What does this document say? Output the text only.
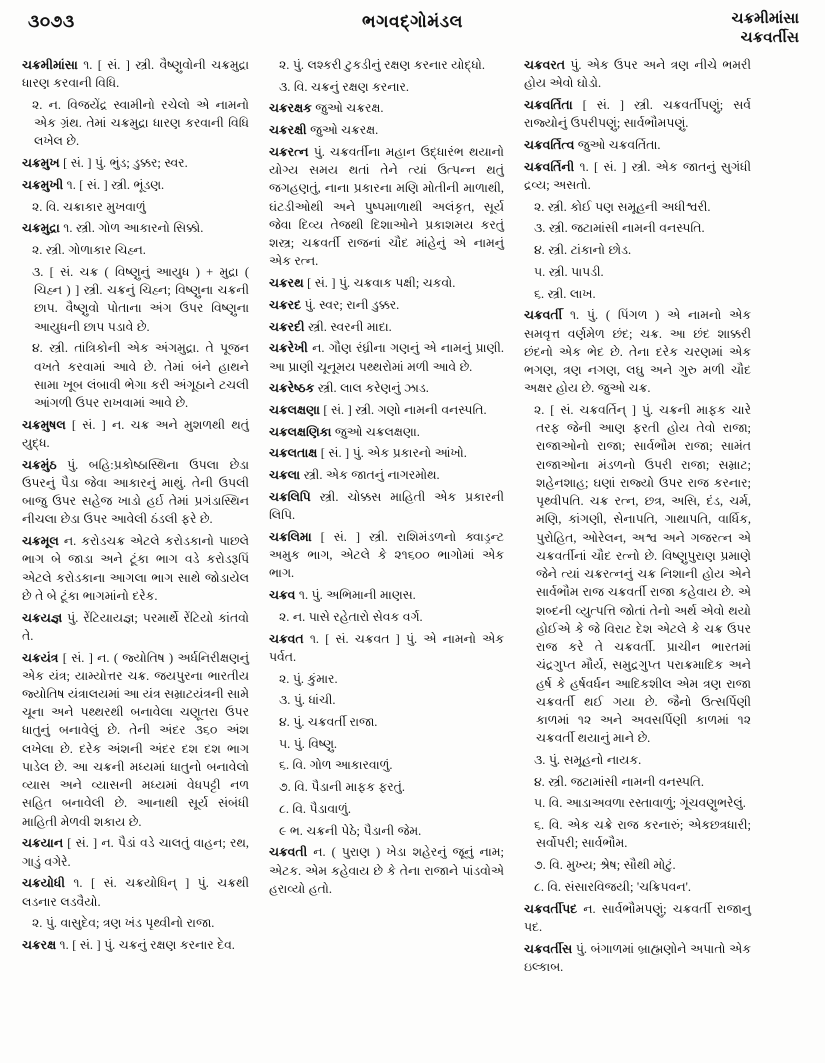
૩૦૭૩	ભગવદ્ગોમંડલ	ચક્રમીમાંસા
ચક્રવર્તીસ

ચક્રમીમાંસા ૧. [ સં. ] સ્ત્રી. વૈષ્ણુવોની ચક્રમુદ્રા ધારણ કરવાની વિધિ.

૨. ન. વિજયેંદ્ર સ્વામીનો રચેલો એ નામનો એક ગ્રંથ. તેમાં ચક્રમુદ્રા ધારણ કરવાની વિધિ લખેલ છે.

ચક્રમુખ [ સં. ] પું. ભુંડ; ડુક્કર; સ્વર.

ચક્રમુખી ૧. [ સં. ] સ્ત્રી. ભૂંડણ.

૨. વિ. ચક્રાકાર મુખવાળું

ચક્રમુદ્રા ૧. સ્ત્રી. ગોળ આકારનો સિક્કો.

૨. સ્ત્રી. ગોળાકાર ચિહ્ન.

૩. [ સં. ચક્ર ( વિષ્ણુનું આયુધ ) + મુદ્રા ( ચિહ્ન ) ] સ્ત્રી. ચક્રનું ચિહ્ન; વિષ્ણુના ચક્રની છાપ. વૈષ્ણુવો પોતાના અંગ ઉપર વિષ્ણુના આયુધની છાપ પડાવે છે.

૪. સ્ત્રી. તાંત્રિકોની એક અંગમુદ્રા. તે પૂજન વખતે કરવામાં આવે છે. તેમાં બંને હાથને સામા ખૂબ લંબાવી ભેગા કરી અંગૂઠાને ટચલી આંગળી ઉપર રાખવામાં આવે છે.

ચક્રમુષલ [ સં. ] ન. ચક્ર અને મુશળથી થતું યુદ્ધ.

ચક્રમુંઠ પું. બહિ:પ્રકોષ્ઠાસ્થિના ઉપલા છેડા ઉપરનું પૈડા જેવા આકારનું માથું. તેની ઉપલી બાજુ ઉપર સહેજ ખાડો હર્ઇ તેમાં પ્રગંડાસ્થિન નીચલા છેડા ઉપર આવેલી ઠંડલી ફરે છે.

ચક્રમૂલ ન. કરોડચક્ર એટલે કરોડકાનો પાછલે ભાગ બે જાડા અને ટૂંકા ભાગ વડે કરોડરૂપિં એટલે કરોડકાના આગલા ભાગ સાથે જોડાયેલ છે તે બે ટૂંકા ભાગમાંનો દરેક.

ચક્રયજ્ઞ પું. રેંટિયાયજ્ઞ; પરમાર્થે રેંટિયો કાંતવો તે.

ચક્રયંત્ર [ સં. ] ન. ( જ્યોતિષ ) અર્ધનિરીક્ષણનું એક યંત્ર; યામ્યોત્તર ચક્ર. જયપુરના ભારતીય જ્યોતિષ યંત્રાલયમાં આ યંત્ર સમ્રાટયંત્રની સામે ચૂના અને પથ્થરથી બનાવેલા ચણૂતરા ઉપર ધાતુનું બનાવેલું છે. તેની અંદર ૩૬૦ અંશ લખેલા છે. દરેક અંશની અંદર દશ દશ ભાગ પાડેલ છે. આ ચક્રની મધ્યમાં ધાતુનો બનાવેલો વ્યાસ અને વ્યાસની મધ્યમાં વેધપટ્ટી નળ સહિત બનાવેલી છે. આનાથી સૂર્ય સંબંધી માહિતી મેળવી શકાય છે.

ચક્રયાન [ સં. ] ન. પૈડાં વડે ચાલતું વાહન; રથ, ગાડું વગેરે.

ચક્રયોધી ૧. [ સં. ચક્રયોધિન્ ] પું. ચક્રથી લડનાર લડવૈયો.

૨. પું. વાસુદેવ; ત્રણ ખંડ પૃથ્વીનો રાજા.

ચક્રરક્ષ ૧. [ સં. ] પું. ચક્રનું રક્ષણ કરનાર દેવ.

૨. પું. લશ્કરી ટુકડીનું રક્ષણ કરનાર યોદ્ધો.

૩. વિ. ચક્રનું રક્ષણ કરનાર.

ચક્રરક્ષક જુઓ ચક્રરક્ષ.

ચક્રરક્ષી જુઓ ચક્રરક્ષ.

ચક્રરત્ન પું. ચક્રવર્તીના મહાન ઉદ્ધારંભ થયાનો યોગ્ય સમય થતાં તેને ત્યાં ઉત્પન્ન થતું જગહણતું, નાના પ્રકારના મણિ મોતીની માળાથી, ઘંટડીઓથી અને પુષ્પમાળાથી અલંકૃત, સૂર્ય જેવા દિવ્ય તેજથી દિશાઓને પ્રકાશમય કરતું શસ્ત્ર; ચક્રવર્તી રાજનાં ચૌદ માંહેનું એ નામનું એક રત્ન.

ચક્રરથ [ સં. ] પું. ચક્રવાક પક્ષી; ચકવો.

ચક્રરદ પું. સ્વર; રાની ડુક્કર.

ચક્રરદી સ્ત્રી. સ્વરની માદા.

ચક્રરેખી ન. ગૌણ રંધ્રીના ગણનું એ નામનું પ્રાણી. આ પ્રાણી ચૂનૂમય પથ્થરોમાં મળી આવે છે.

ચક્રરેષ્ઠક સ્ત્રી. લાલ કરેણનું ઝાડ.

ચક્રલક્ષણા [ સં. ] સ્ત્રી. ગણો નામની વનસ્પતિ.

ચક્રલક્ષણિકા જુઓ ચક્રલક્ષણા.

ચક્રલતાક્ષ [ સં. ] પું. એક પ્રકારનો આંખો.

ચક્રલા સ્ત્રી. એક જાતનું નાગરમોથ.

ચક્રલિપિ સ્ત્રી. ચોક્કસ માહિતી એક પ્રકારની લિપિ.

ચક્રલિમા [ સં. ] સ્ત્રી. રાશિમંડળનો ક્વાડ્રન્ટ અમુક ભાગ, એટલે કે ૨૧૬૦૦ ભાગોમાં એક ભાગ.

ચક્રવ ૧. પું. અભિમાની માણસ.

૨. ન. પાસે રહેતારો સેવક વર્ગ.

ચક્રવત ૧. [ સં. ચક્રવત ] પું. એ નામનો એક પર્વત.

૨. પું. કુંમાર.

૩. પું. ધાંચી.

૪. પું. ચક્રવર્તી રાજા.

૫. પું. વિષ્ણુ.

૬. વિ. ગોળ આકારવાળું.

૭. વિ. પૈડાની માફક ફરતું.

૮. વિ. પૈડાવાળું.

૯ ભ. ચક્રની પેઠે; પૈડાની જેમ.

ચક્રવતી ન. ( પુરાણ ) ખેડા શહેરનું જૂનું નામ; એટક. એમ કહેવાય છે કે તેના રાજાને પાંડવોએ હરાવ્યો હતો.

ચક્રવરત પું. એક ઉપર અને ત્રણ નીચે ભમરી હોય એવો ઘોડો.

ચક્રવર્તિતા [ સં. ] સ્ત્રી. ચક્રવર્તીપણું; સર્વ રાજ્યોનું ઉપરીપણું; સાર્વભૌમપણું.

ચક્રવર્તિત્વ જુઓ ચક્રવર્તિતા.

ચક્રવર્તિની ૧. [ સં. ] સ્ત્રી. એક જાતનું સુગંધી દ્રવ્ય; અસતો.

૨. સ્ત્રી. કોઈ પણ સમૂહની અધીશ્વરી.

૩. સ્ત્રી. જટામાંસી નામની વનસ્પતિ.

૪. સ્ત્રી. ટાંકાનો છોડ.

૫. સ્ત્રી. પાપડી.

૬. સ્ત્રી. લાખ.

ચક્રવર્તી ૧. પું. ( પિંગળ ) એ નામનો એક સમવૃત્ત વર્ણમેળ છંદ; ચક્ર. આ છંદ શાક્કરી છંદનો એક ભેદ છે. તેના દરેક ચરણમાં એક ભગણ, ત્રણ નગણ, લઘુ અને ગુરુ મળી ચૌદ અક્ષર હોય છે. જુઓ ચક્ર.

૨. [ સં. ચક્રવર્તિન્ ] પું. ચક્રની માફક ચારે તરફ જેની આણ ફરતી હોય તેવો રાજા; રાજાઓનો રાજા; સાર્વભૌમ રાજા; સામંત રાજાઓના મંડળનો ઉપરી રાજા; સમ્રાટ; શહેનશાહ; ઘણાં રાજ્યો ઉપર રાજ કરનાર; પૃથ્વીપતિ. ચક્ર રત્ન, છત્ર, અસિ, દંડ, ચર્મ, મણિ, કાંગણી, સેનાપતિ, ગાથાપતિ, વાર્ધિક, પુરોહિત, ઓરેલન, અશ્વ અને ગજરત્ન એ ચક્રવર્તીનાં ચૌદ રત્નો છે. વિષ્ણુપુરાણ પ્રમાણે જેને ત્યાં ચક્રરત્નનું ચક્ર નિશાની હોય એને સાર્વભૌમ રાજ ચક્રવર્તી રાજા કહેવાય છે. એ શબ્દની વ્યુત્પત્તિ જોતાં તેનો અર્થ એવો થયો હોઈએ કે જે વિરાટ દેશ એટલે કે ચક્ર ઉપર રાજ કરે તે ચક્રવર્તી. પ્રાચીન ભારતમાં ચંદ્રગુપ્ત મૌર્ય, સમુદ્રગુપ્ત પરાક્રમાદિક અને હર્ષ કે હર્ષવર્ધન આદિકશીલ એમ ત્રણ રાજા ચક્રવર્તી થઈ ગયા છે. જૈનો ઉત્સર્પિણી કાળમાં ૧૨ અને અવસર્પિણી કાળમાં ૧૨ ચક્રવર્તી થયાનું માને છે.

૩. પું. સમૂહનો નાયક.

૪. સ્ત્રી. જટામાંસી નામની વનસ્પતિ.

૫. વિ. આડાઅવળા રસ્તાવાળું; ગૂંચવણુભરેલું.

૬. વિ. એક ચક્રે રાજ કરનારું; એકછત્રધારી; સર્વોપરી; સાર્વભૌમ.

૭. વિ. મુખ્ય; શ્રેષ; સૌથી મોટું.

૮. વિ. સંસારવિજયી; 'ચક્રિપવન'.

ચક્રવર્તીપદ ન. સાર્વભૌમપણું; ચક્રવર્તી રાજાનુ પદ.

ચક્રવર્તીસ પું. બંગાળમાં બ્રાહ્મણોને અપાતો એક ઇલ્કાબ.
